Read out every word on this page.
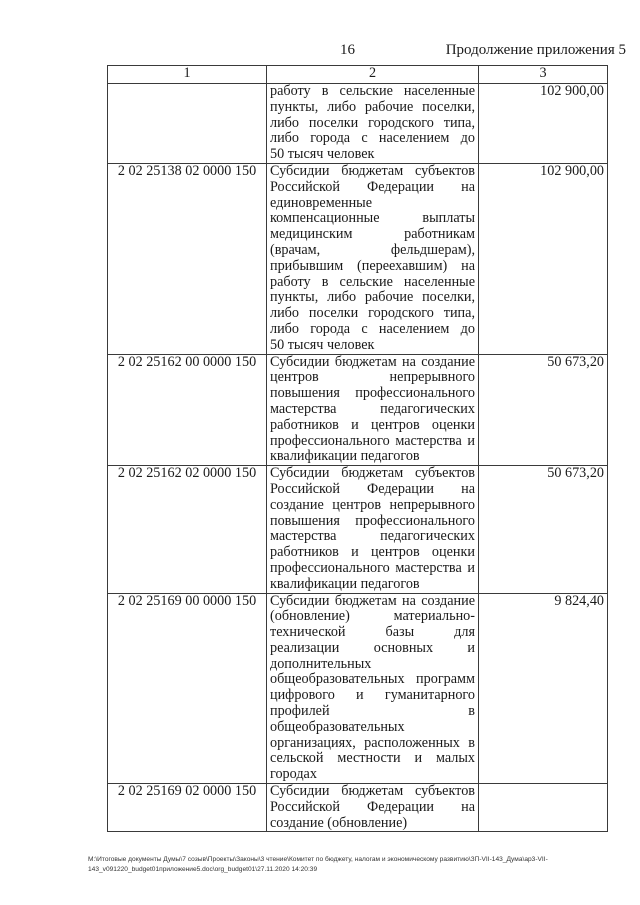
16	Продолжение приложения 5
1	2	3

	работу в сельские населенные
пункты, либо рабочие поселки,
либо поселки городского типа,
либо города с населением до
50 тысяч человек	102 900,00
2 02 25138 02 0000 150	Субсидии бюджетам субъектов
Российской Федерации на
единовременные
компенсационные выплаты
медицинским работникам
(врачам, фельдшерам),
прибывшим (переехавшим) на
работу в сельские населенные
пункты, либо рабочие поселки,
либо поселки городского типа,
либо города с населением до
50 тысяч человек
	102 900,00
2 02 25162 00 0000 150	Субсидии бюджетам на создание
центров непрерывного
повышения профессионального
мастерства педагогических
работников и центров оценки
профессионального мастерства и
квалификации педагогов
	50 673,20
2 02 25162 02 0000 150	Субсидии бюджетам субъектов
Российской Федерации на
создание центров непрерывного
повышения профессионального
мастерства педагогических
работников и центров оценки
профессионального мастерства и
квалификации педагогов
	50 673,20
2 02 25169 00 0000 150	Субсидии бюджетам на создание
(обновление) материально-
технической базы для
реализации основных и
дополнительных
общеобразовательных программ
цифрового и гуманитарного
профилей в
общеобразовательных
организациях, расположенных в
сельской местности и малых
городах
	9 824,40
2 02 25169 02 0000 150	Субсидии бюджетам субъектов
Российской Федерации на
создание (обновление)	

M:\Итоговые документы Думы\7 созыв\Проекты\Законы\3 чтение\Комитет по бюджету, налогам и экономическому развитию\ЗП-VII-143_Дума\ар3-VII-
143_v091220_budget01приложение5.doc\org_budget01\27.11.2020 14:20:39
